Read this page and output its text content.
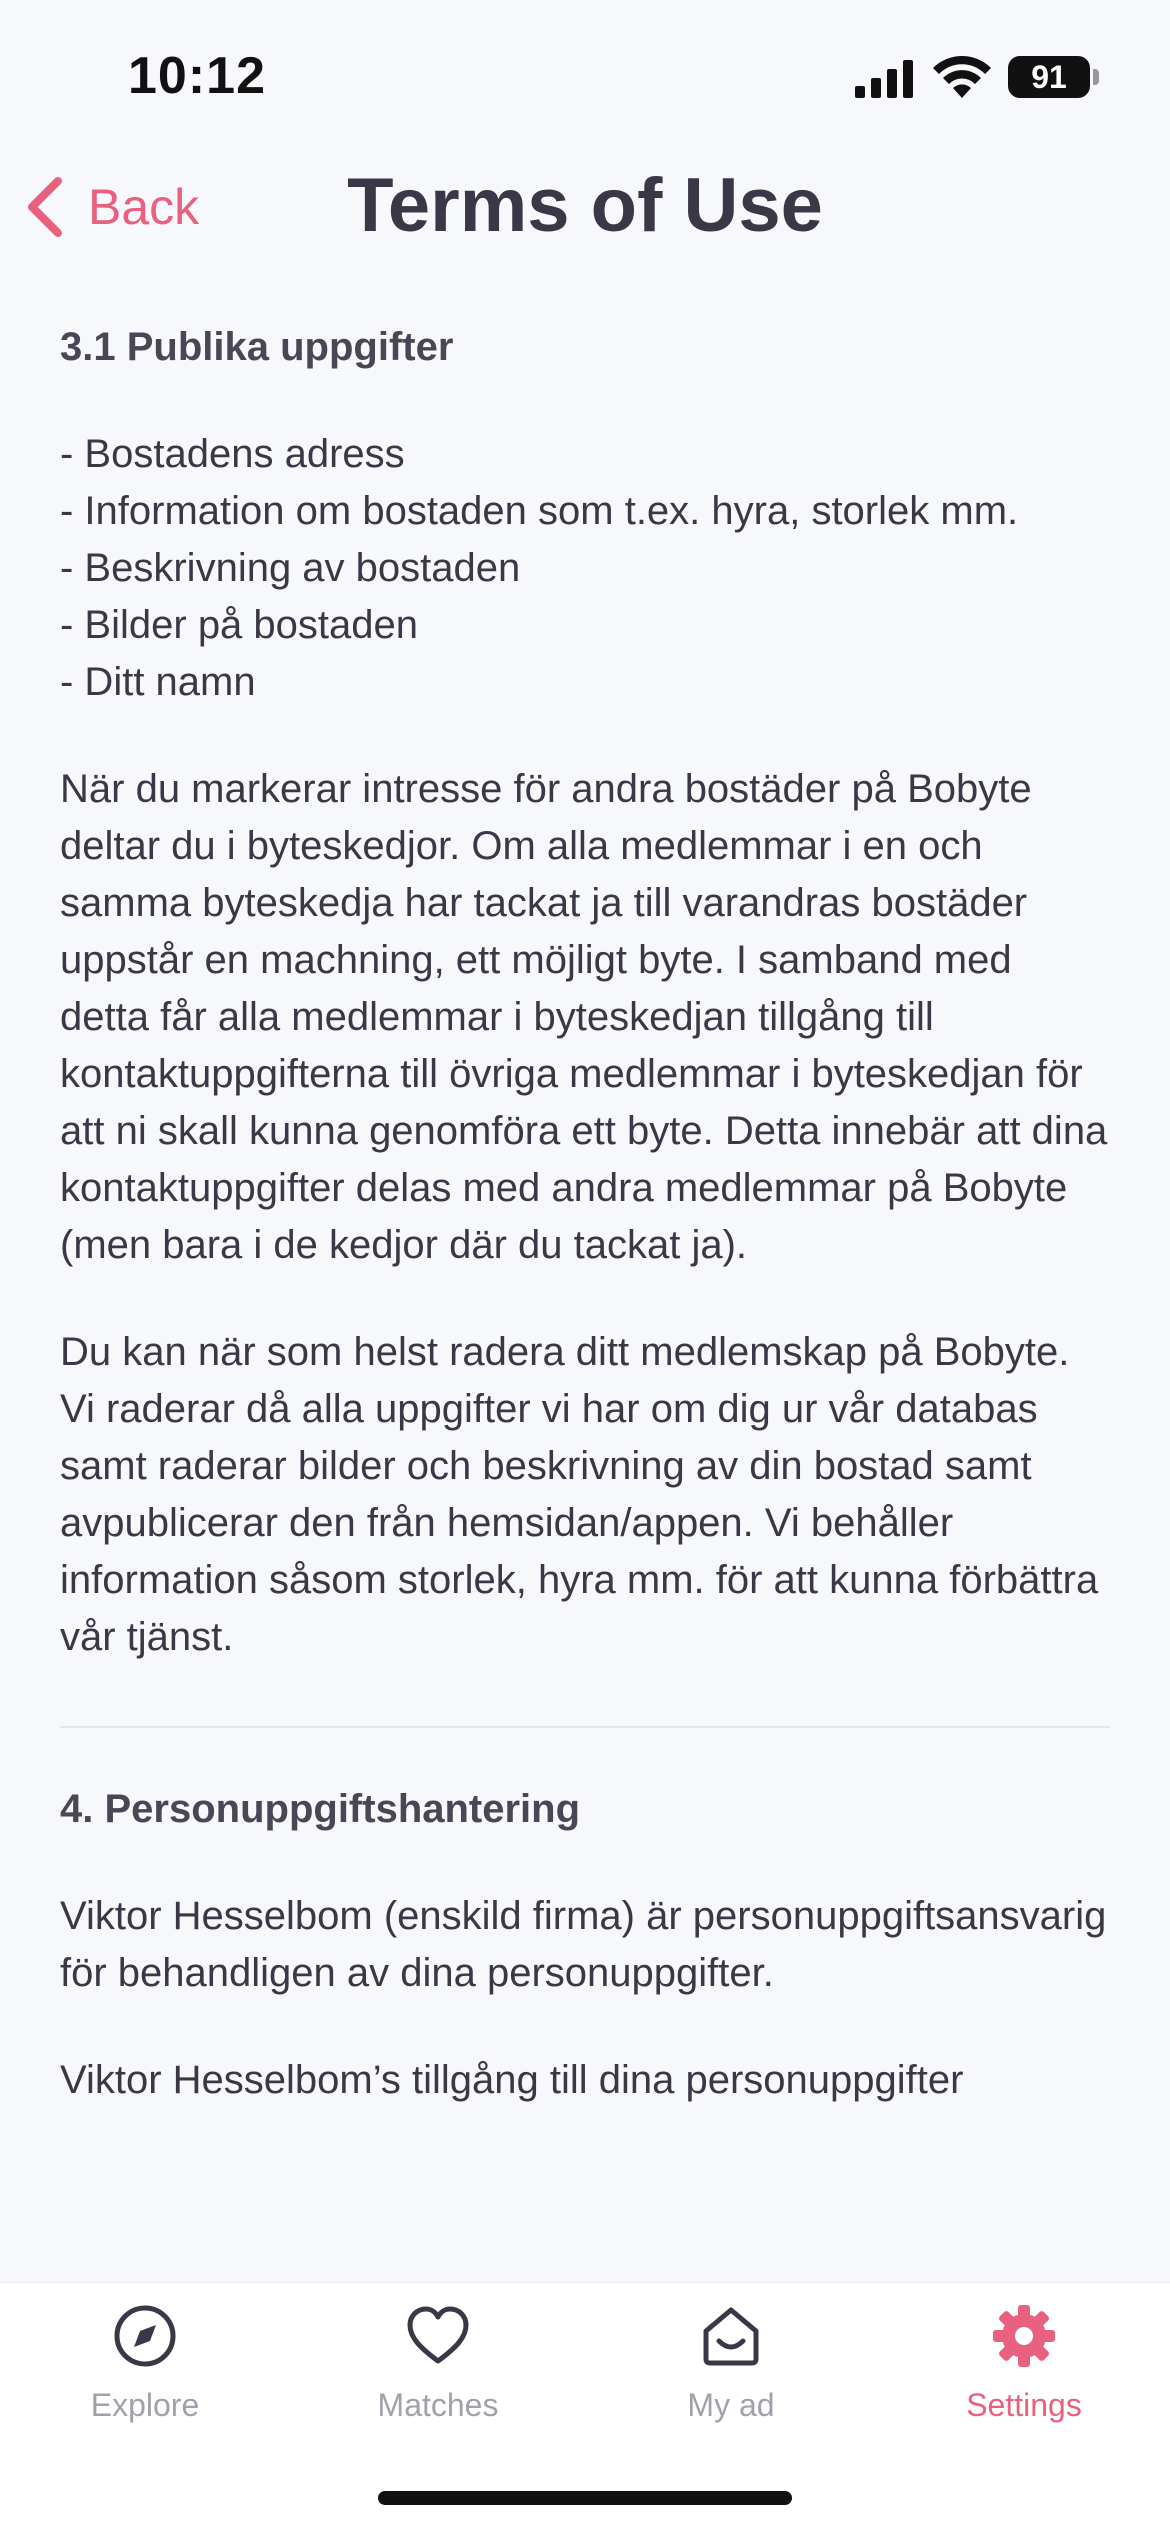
10:12	91
Back	Terms of Use
3.1 Publika uppgifter
- Bostadens adress
- Information om bostaden som t.ex. hyra, storlek mm.
- Beskrivning av bostaden
- Bilder på bostaden
- Ditt namn
När du markerar intresse för andra bostäder på Bobyte deltar du i byteskedjor. Om alla medlemmar i en och samma byteskedja har tackat ja till varandras bostäder uppstår en machning, ett möjligt byte. I samband med detta får alla medlemmar i byteskedjan tillgång till kontaktuppgifterna till övriga medlemmar i byteskedjan för att ni skall kunna genomföra ett byte. Detta innebär att dina kontaktuppgifter delas med andra medlemmar på Bobyte (men bara i de kedjor där du tackat ja).
Du kan när som helst radera ditt medlemskap på Bobyte. Vi raderar då alla uppgifter vi har om dig ur vår databas samt raderar bilder och beskrivning av din bostad samt avpublicerar den från hemsidan/appen. Vi behåller information såsom storlek, hyra mm. för att kunna förbättra vår tjänst.
4. Personuppgiftshantering
Viktor Hesselbom (enskild firma) är personuppgiftsansvarig för behandligen av dina personuppgifter.
Viktor Hesselbom’s tillgång till dina personuppgifter
Explore	Matches	My ad	Settings
